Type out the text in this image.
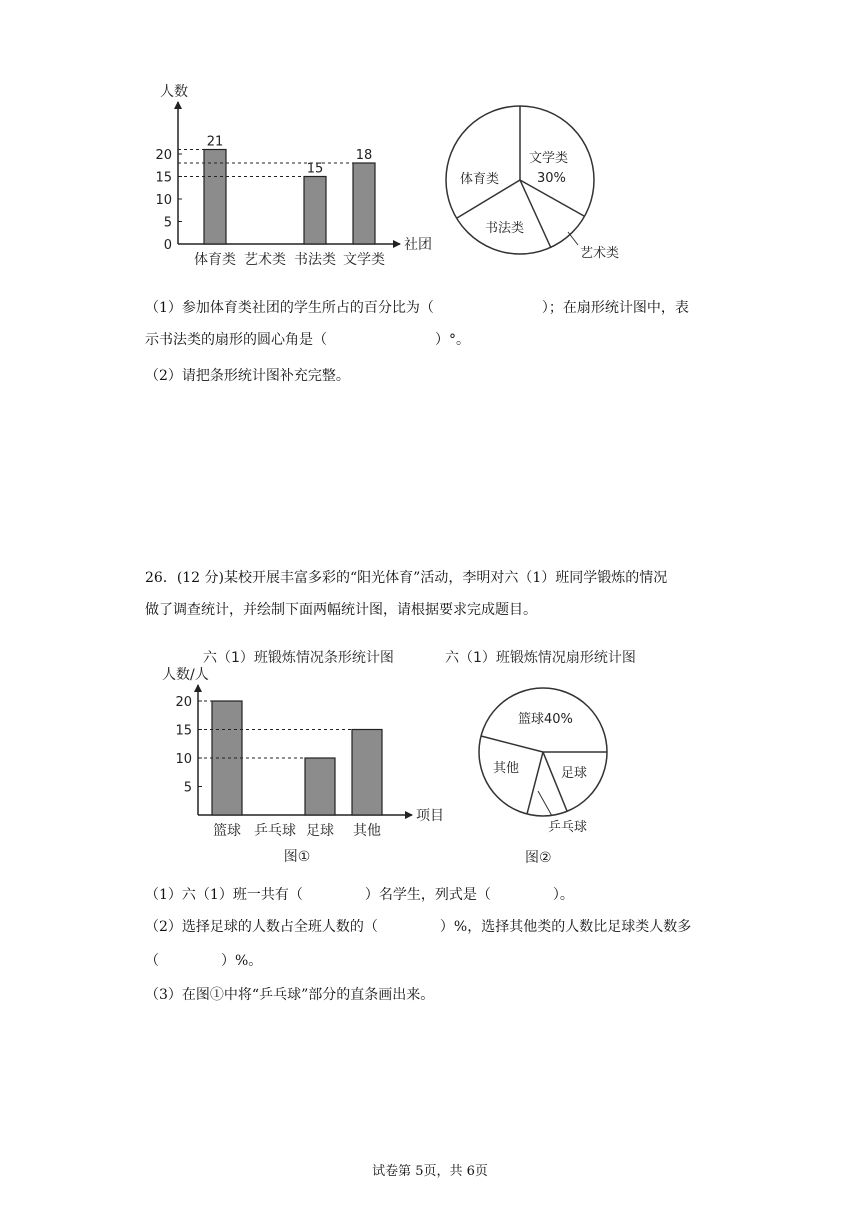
人数
社团
0
5
10
15
20
体育类
21
艺术类 书法类
15
文学类
18
体育类
文学类
30%
书法类
艺术类
（1）参加体育类社团的学生所占的百分比为（	）；在扇形统计图中，表
示书法类的扇形的圆心角是（	）°。
（2）请把条形统计图补充完整。
26．(12 分)某校开展丰富多彩的“阳光体育”活动，李明对六（1）班同学锻炼的情况
做了调查统计，并绘制下面两幅统计图，请根据要求完成题目。
六（1）班锻炼情况条形统计图	六（1）班锻炼情况扇形统计图
人数/人
项目
5
10
15
20
篮球 乒乓球 足球 其他
图①
篮球40%
其他	足球
乒乓球
图②
（1）六（1）班一共有（	）名学生，列式是（	）。
（2）选择足球的人数占全班人数的（	）%，选择其他类的人数比足球类人数多
（	）%。
（3）在图①中将“乒乓球”部分的直条画出来。
试卷第 5页，共 6页
